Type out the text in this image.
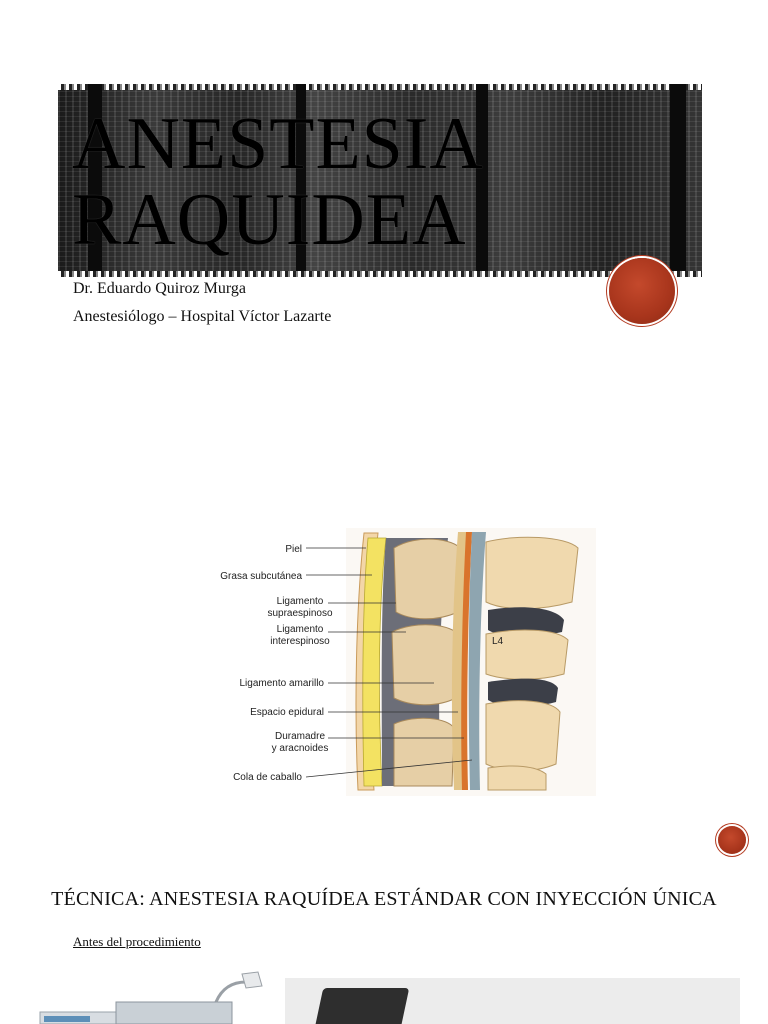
ANESTESIA
RAQUIDEA
Dr. Eduardo Quiroz Murga
Anestesiólogo – Hospital Víctor Lazarte
Piel
Grasa subcutánea
Ligamento
supraespinoso
Ligamento
interespinoso
Ligamento amarillo
Espacio epidural
Duramadre
y aracnoides
Cola de caballo
L4
TÉCNICA: ANESTESIA RAQUÍDEA ESTÁNDAR CON INYECCIÓN ÚNICA
Antes del procedimiento
